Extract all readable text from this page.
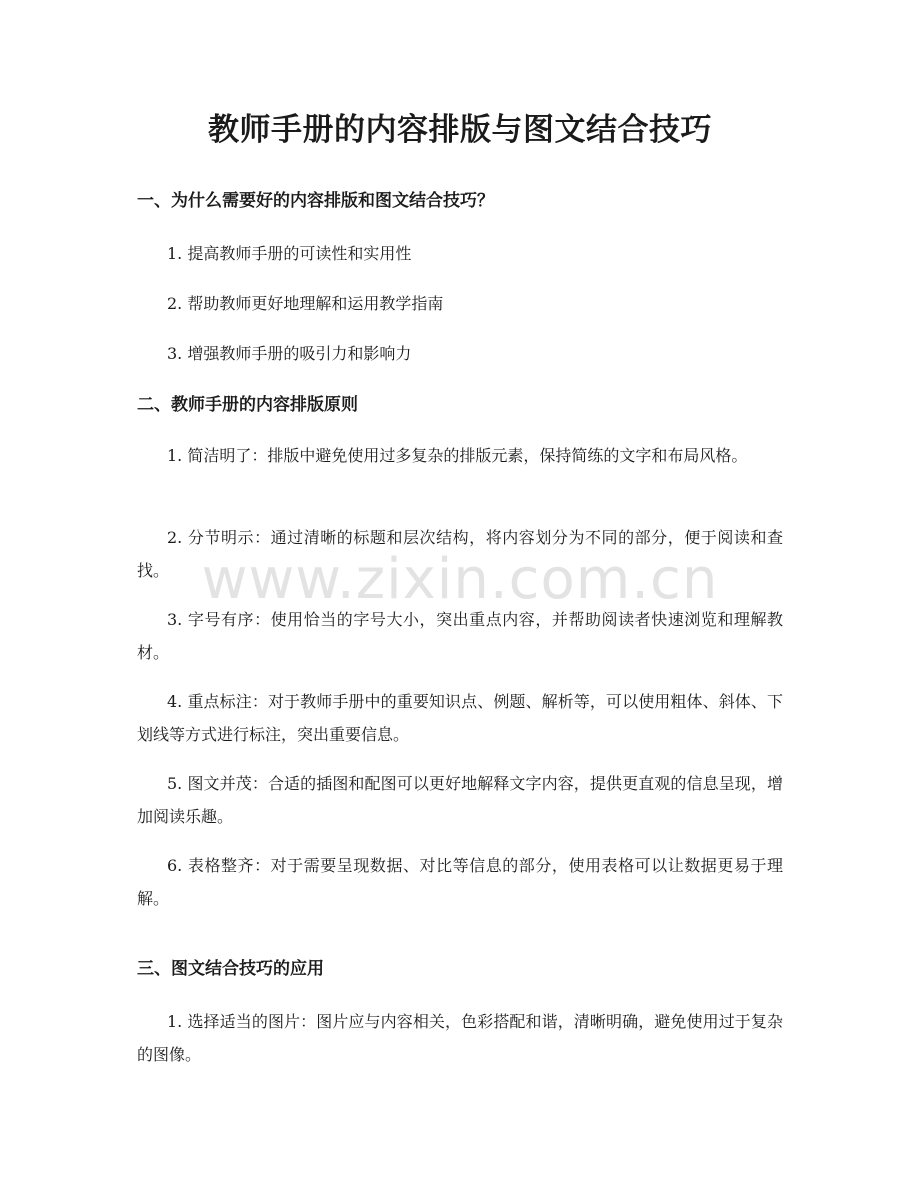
教师手册的内容排版与图文结合技巧
一、为什么需要好的内容排版和图文结合技巧？

1. 提高教师手册的可读性和实用性

2. 帮助教师更好地理解和运用教学指南

3. 增强教师手册的吸引力和影响力

二、教师手册的内容排版原则

1. 简洁明了：排版中避免使用过多复杂的排版元素，保持简练的文字和布局风格。

2. 分节明示：通过清晰的标题和层次结构，将内容划分为不同的部分，便于阅读和查找。

3. 字号有序：使用恰当的字号大小，突出重点内容，并帮助阅读者快速浏览和理解教材。

4. 重点标注：对于教师手册中的重要知识点、例题、解析等，可以使用粗体、斜体、下划线等方式进行标注，突出重要信息。

5. 图文并茂：合适的插图和配图可以更好地解释文字内容，提供更直观的信息呈现，增加阅读乐趣。

6. 表格整齐：对于需要呈现数据、对比等信息的部分，使用表格可以让数据更易于理解。

三、图文结合技巧的应用

1. 选择适当的图片：图片应与内容相关，色彩搭配和谐，清晰明确，避免使用过于复杂的图像。

www.zixin.com.cn
